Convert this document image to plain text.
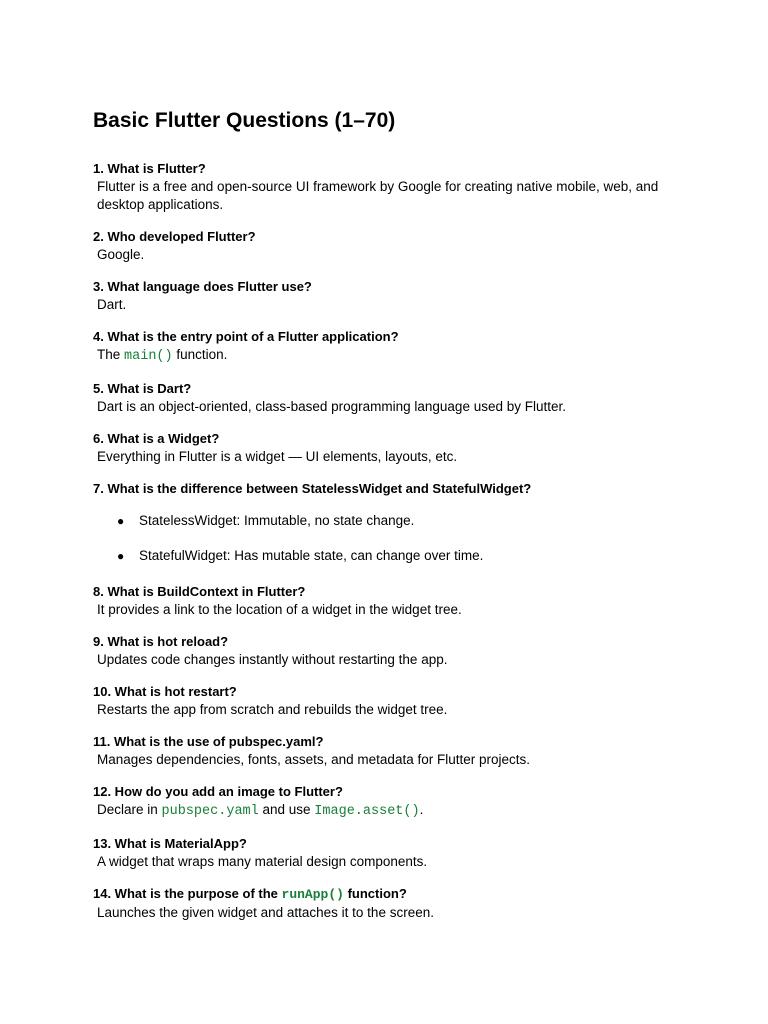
Basic Flutter Questions (1–70)
1. What is Flutter?
Flutter is a free and open-source UI framework by Google for creating native mobile, web, and desktop applications.
2. Who developed Flutter?
Google.
3. What language does Flutter use?
Dart.
4. What is the entry point of a Flutter application?
The main() function.
5. What is Dart?
Dart is an object-oriented, class-based programming language used by Flutter.
6. What is a Widget?
Everything in Flutter is a widget — UI elements, layouts, etc.
7. What is the difference between StatelessWidget and StatefulWidget?
● StatelessWidget: Immutable, no state change.
● StatefulWidget: Has mutable state, can change over time.
8. What is BuildContext in Flutter?
It provides a link to the location of a widget in the widget tree.
9. What is hot reload?
Updates code changes instantly without restarting the app.
10. What is hot restart?
Restarts the app from scratch and rebuilds the widget tree.
11. What is the use of pubspec.yaml?
Manages dependencies, fonts, assets, and metadata for Flutter projects.
12. How do you add an image to Flutter?
Declare in pubspec.yaml and use Image.asset().
13. What is MaterialApp?
A widget that wraps many material design components.
14. What is the purpose of the runApp() function?
Launches the given widget and attaches it to the screen.
